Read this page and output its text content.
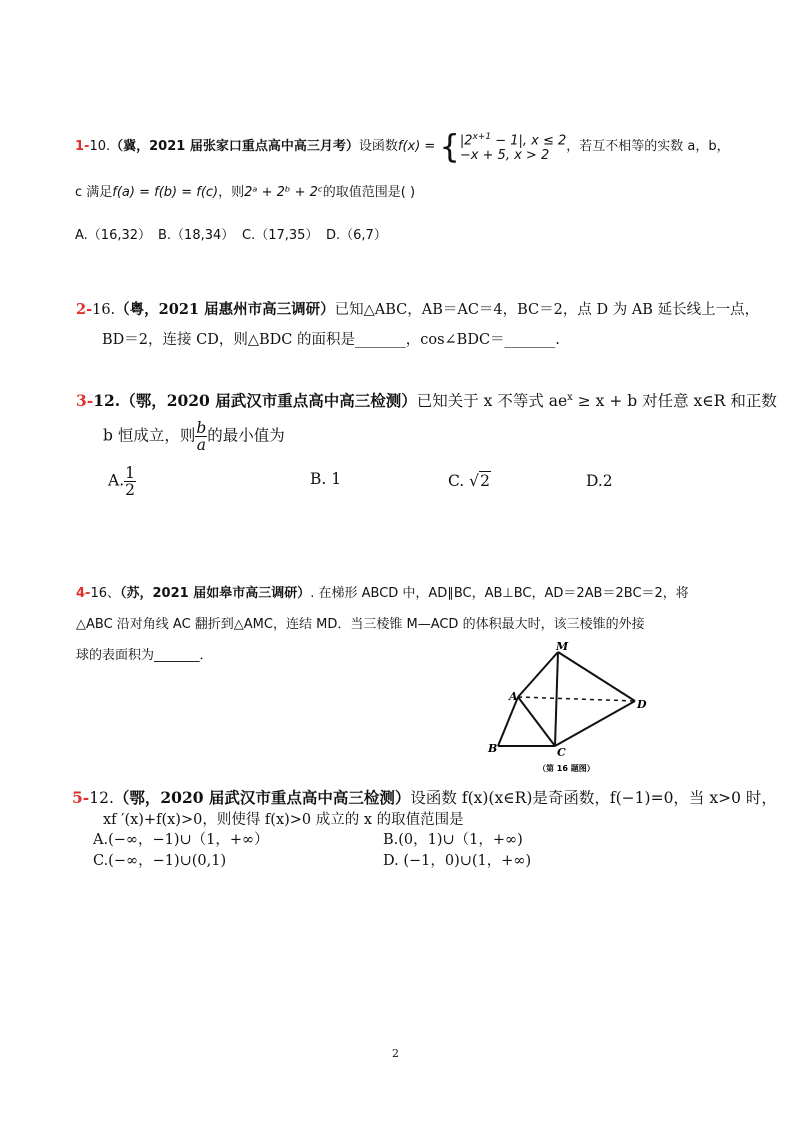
1-10.（冀，2021 届张家口重点高中高三月考）设函数f(x) = { $|2^{x+1} - 1|$, x ≤ 2
−x + 5, x > 2
，若互不相等的实数 a，b，
c 满足f(a) = f(b) = f(c)，则2ᵃ + 2ᵇ + 2ᶜ的取值范围是( )
A.（16,32） B.（18,34） C.（17,35） D.（6,7）
2-16.（粤，2021 届惠州市高三调研）已知△ABC，AB＝AC＝4，BC＝2，点 D 为 AB 延长线上一点，
BD＝2，连接 CD，则△BDC 的面积是_______，cos∠BDC＝_______.
3-12.（鄂，2020 届武汉市重点高中高三检测）已知关于 x 不等式 $ae^x \ge x + b$ 对任意 x∈R 和正数
b 恒成立，则 $\frac{b}{a}$ 的最小值为
A. $\frac{1}{2}$	B. 1	C. √2	D.2
4-16、（苏，2021 届如皋市高三调研）. 在梯形 ABCD 中，AD∥BC，AB⊥BC，AD＝2AB＝2BC＝2，将
△ABC 沿对角线 AC 翻折到△AMC，连结 MD．当三棱锥 M—ACD 的体积最大时，该三棱锥的外接
球的表面积为_______．
M
A
B	C
D
（第 16 题图）
5-12.（鄂，2020 届武汉市重点高中高三检测）设函数 f(x)(x∈R)是奇函数，f(−1)=0，当 x>0 时，
xf ′(x)+f(x)>0，则使得 f(x)>0 成立的 x 的取值范围是
A.(−∞，−1)∪（1，+∞）	B.(0，1)∪（1，+∞)
C.(−∞，−1)∪(0,1)	D. (−1，0)∪(1，+∞)
2
